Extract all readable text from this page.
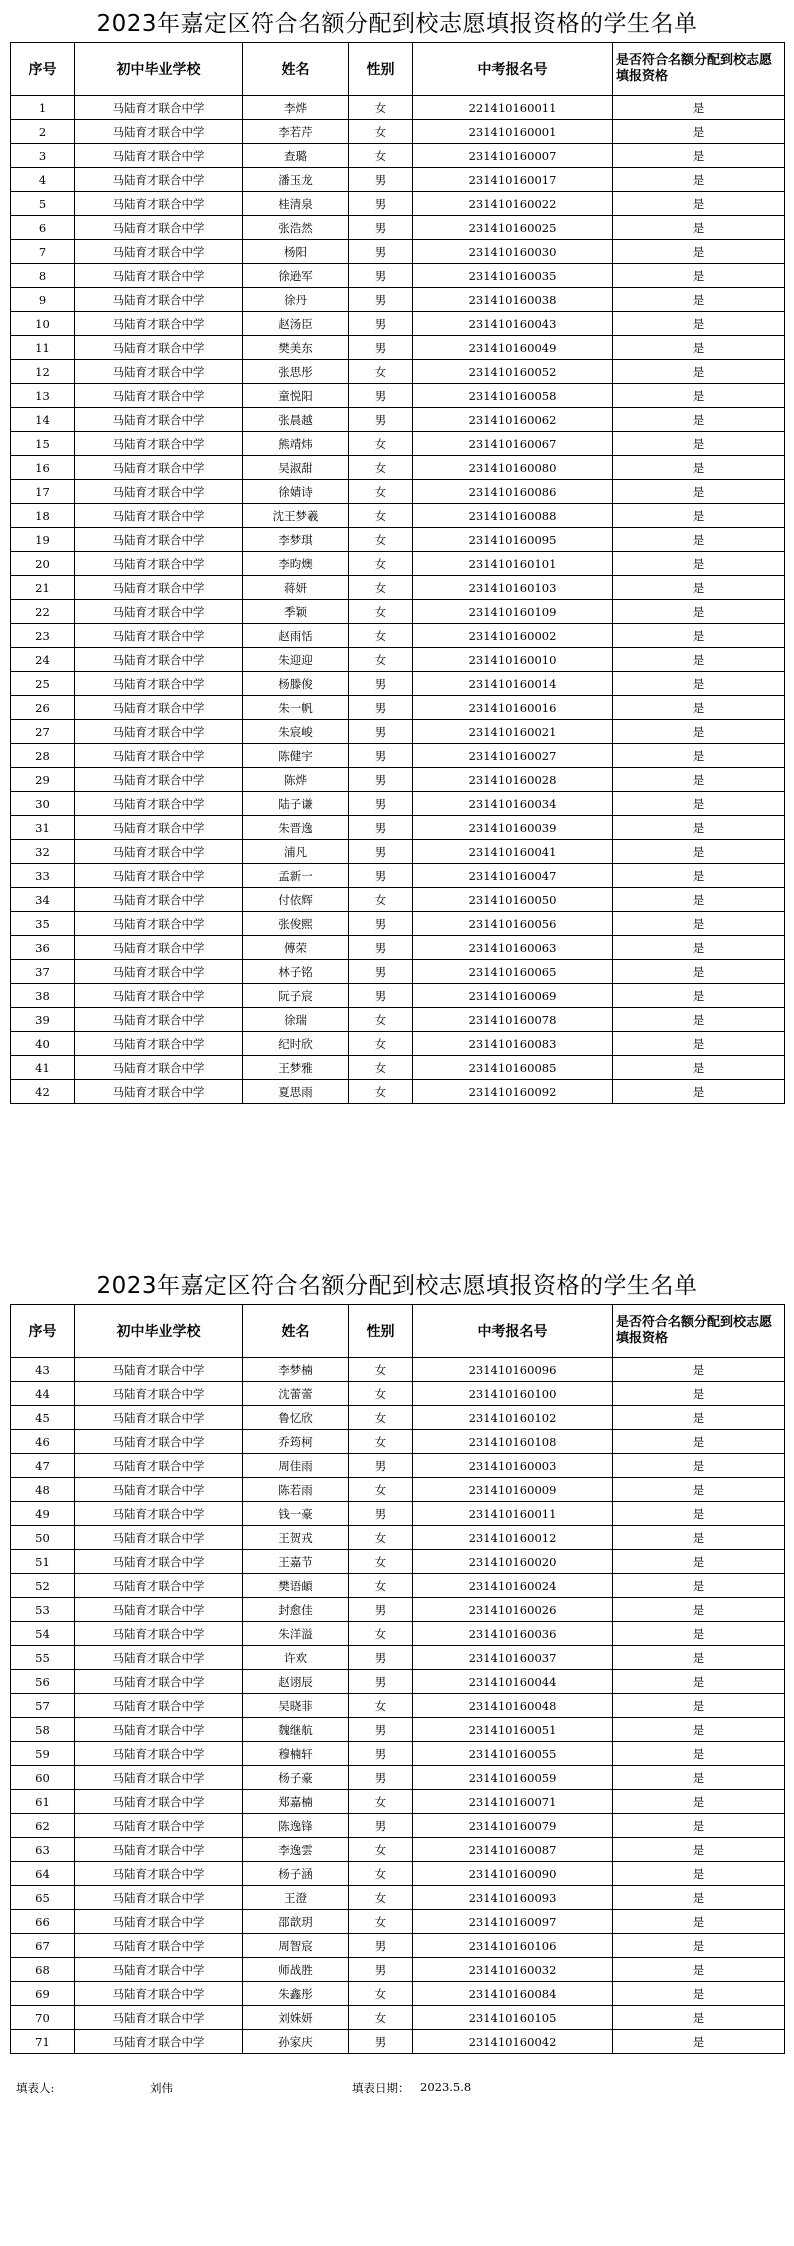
2023年嘉定区符合名额分配到校志愿填报资格的学生名单
序号	初中毕业学校	姓名	性别	中考报名号	是否符合名额分配到校志愿填报资格
1	马陆育才联合中学	李烨	女	221410160011	是
2	马陆育才联合中学	李若芹	女	231410160001	是
3	马陆育才联合中学	查璐	女	231410160007	是
4	马陆育才联合中学	潘玉龙	男	231410160017	是
5	马陆育才联合中学	桂清泉	男	231410160022	是
6	马陆育才联合中学	张浩然	男	231410160025	是
7	马陆育才联合中学	杨阳	男	231410160030	是
8	马陆育才联合中学	徐逊军	男	231410160035	是
9	马陆育才联合中学	徐丹	男	231410160038	是
10	马陆育才联合中学	赵汤臣	男	231410160043	是
11	马陆育才联合中学	樊美东	男	231410160049	是
12	马陆育才联合中学	张思彤	女	231410160052	是
13	马陆育才联合中学	童悦阳	男	231410160058	是
14	马陆育才联合中学	张晨越	男	231410160062	是
15	马陆育才联合中学	熊靖炜	女	231410160067	是
16	马陆育才联合中学	吴淑甜	女	231410160080	是
17	马陆育才联合中学	徐婧诗	女	231410160086	是
18	马陆育才联合中学	沈王梦羲	女	231410160088	是
19	马陆育才联合中学	李梦琪	女	231410160095	是
20	马陆育才联合中学	李昀燠	女	231410160101	是
21	马陆育才联合中学	蒋妍	女	231410160103	是
22	马陆育才联合中学	季颖	女	231410160109	是
23	马陆育才联合中学	赵雨恬	女	231410160002	是
24	马陆育才联合中学	朱迎迎	女	231410160010	是
25	马陆育才联合中学	杨滕俊	男	231410160014	是
26	马陆育才联合中学	朱一帆	男	231410160016	是
27	马陆育才联合中学	朱宸峻	男	231410160021	是
28	马陆育才联合中学	陈健宇	男	231410160027	是
29	马陆育才联合中学	陈烨	男	231410160028	是
30	马陆育才联合中学	陆子谦	男	231410160034	是
31	马陆育才联合中学	朱晋逸	男	231410160039	是
32	马陆育才联合中学	浦凡	男	231410160041	是
33	马陆育才联合中学	孟新一	男	231410160047	是
34	马陆育才联合中学	付依辉	女	231410160050	是
35	马陆育才联合中学	张俊熙	男	231410160056	是
36	马陆育才联合中学	傅荣	男	231410160063	是
37	马陆育才联合中学	林子铭	男	231410160065	是
38	马陆育才联合中学	阮子宸	男	231410160069	是
39	马陆育才联合中学	徐瑞	女	231410160078	是
40	马陆育才联合中学	纪时欣	女	231410160083	是
41	马陆育才联合中学	王梦雅	女	231410160085	是
42	马陆育才联合中学	夏思雨	女	231410160092	是
2023年嘉定区符合名额分配到校志愿填报资格的学生名单
序号	初中毕业学校	姓名	性别	中考报名号	是否符合名额分配到校志愿填报资格
43	马陆育才联合中学	李梦楠	女	231410160096	是
44	马陆育才联合中学	沈蕾蕾	女	231410160100	是
45	马陆育才联合中学	鲁忆欣	女	231410160102	是
46	马陆育才联合中学	乔筠柯	女	231410160108	是
47	马陆育才联合中学	周佳雨	男	231410160003	是
48	马陆育才联合中学	陈若雨	女	231410160009	是
49	马陆育才联合中学	钱一豪	男	231410160011	是
50	马陆育才联合中学	王贺戎	女	231410160012	是
51	马陆育才联合中学	王嘉节	女	231410160020	是
52	马陆育才联合中学	樊语頔	女	231410160024	是
53	马陆育才联合中学	封愈佳	男	231410160026	是
54	马陆育才联合中学	朱洋溢	女	231410160036	是
55	马陆育才联合中学	许欢	男	231410160037	是
56	马陆育才联合中学	赵诩辰	男	231410160044	是
57	马陆育才联合中学	吴晓菲	女	231410160048	是
58	马陆育才联合中学	魏继航	男	231410160051	是
59	马陆育才联合中学	穆楠轩	男	231410160055	是
60	马陆育才联合中学	杨子豪	男	231410160059	是
61	马陆育才联合中学	郑嘉楠	女	231410160071	是
62	马陆育才联合中学	陈逸锋	男	231410160079	是
63	马陆育才联合中学	李逸雲	女	231410160087	是
64	马陆育才联合中学	杨子涵	女	231410160090	是
65	马陆育才联合中学	王澄	女	231410160093	是
66	马陆育才联合中学	邵歆玥	女	231410160097	是
67	马陆育才联合中学	周智宸	男	231410160106	是
68	马陆育才联合中学	师战胜	男	231410160032	是
69	马陆育才联合中学	朱鑫彤	女	231410160084	是
70	马陆育才联合中学	刘姝妍	女	231410160105	是
71	马陆育才联合中学	孙家庆	男	231410160042	是
填表人:	刘伟	填表日期： 2023.5.8
